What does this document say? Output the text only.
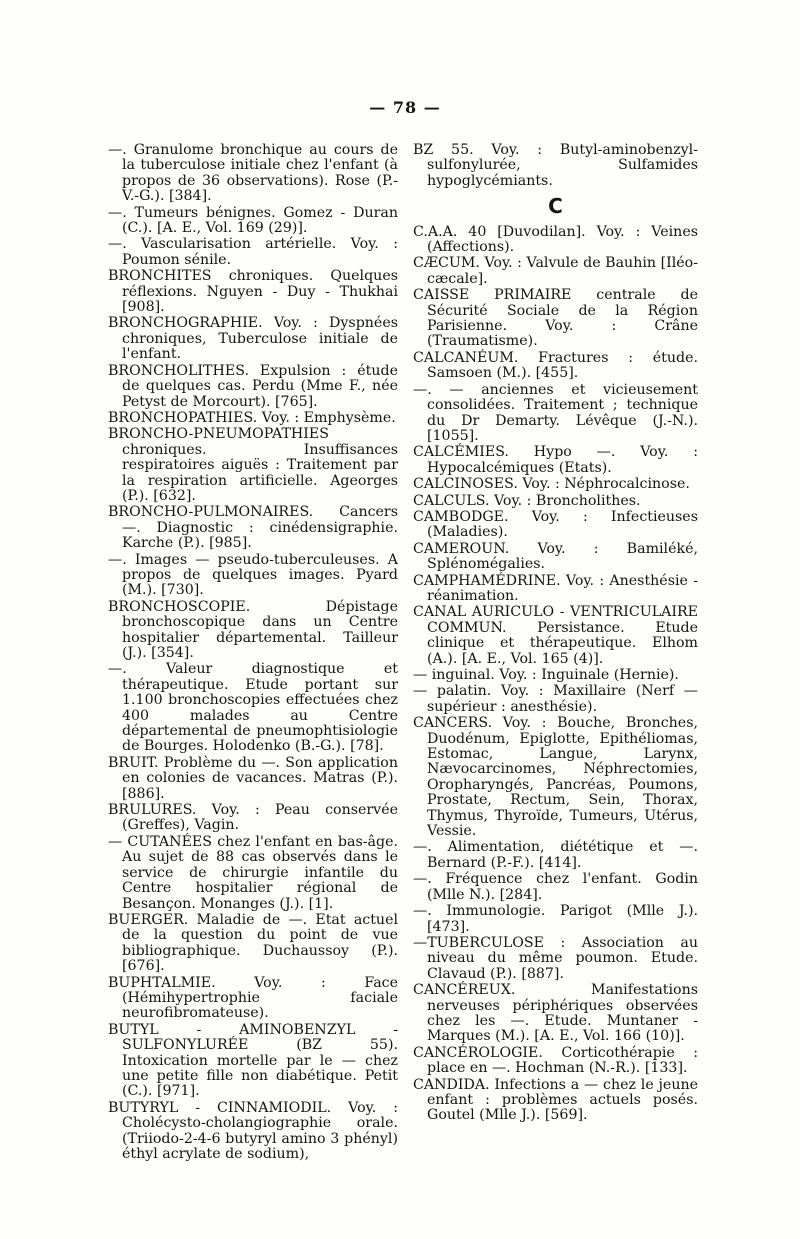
— 78 —

—. Granulome bronchique au cours de la tuberculose initiale chez l'enfant (à propos de 36 observations). Rose (P.-V.-G.). [384].

—. Tumeurs bénignes. Gomez - Duran (C.). [A. E., Vol. 169 (29)].

—. Vascularisation artérielle. Voy. : Poumon sénile.

BRONCHITES chroniques. Quelques réflexions. Nguyen - Duy - Thukhai [908].

BRONCHOGRAPHIE. Voy. : Dyspnées chroniques, Tuberculose initiale de l'enfant.

BRONCHOLITHES. Expulsion : étude de quelques cas. Perdu (Mme F., née Petyst de Morcourt). [765].

BRONCHOPATHIES. Voy. : Emphysème.

BRONCHO-PNEUMOPATHIES chroniques. Insuffisances respiratoires aiguës : Traitement par la respiration artificielle. Ageorges (P.). [632].

BRONCHO-PULMONAIRES. Cancers —. Diagnostic : cinédensigraphie. Karche (P.). [985].

—. Images — pseudo-tuberculeuses. A propos de quelques images. Pyard (M.). [730].

BRONCHOSCOPIE. Dépistage bronchoscopique dans un Centre hospitalier départemental. Tailleur (J.). [354].

—. Valeur diagnostique et thérapeutique. Etude portant sur 1.100 bronchoscopies effectuées chez 400 malades au Centre départemental de pneumophtisiologie de Bourges. Holodenko (B.-G.). [78].

BRUIT. Problème du —. Son application en colonies de vacances. Matras (P.). [886].

BRULURES. Voy. : Peau conservée (Greffes), Vagin.

— CUTANÉES chez l'enfant en bas-âge. Au sujet de 88 cas observés dans le service de chirurgie infantile du Centre hospitalier régional de Besançon. Monanges (J.). [1].

BUERGER. Maladie de —. Etat actuel de la question du point de vue bibliographique. Duchaussoy (P.). [676].

BUPHTALMIE. Voy. : Face (Hémihypertrophie faciale neurofibromateuse).

BUTYL - AMINOBENZYL - SULFONYLURÉE (BZ 55). Intoxication mortelle par le — chez une petite fille non diabétique. Petit (C.). [971].

BUTYRYL - CINNAMIODIL. Voy. : Cholécysto-cholangiographie orale. (Triiodo-2-4-6 butyryl amino 3 phényl) éthyl acrylate de sodium),

BZ 55. Voy. : Butyl-aminobenzyl-sulfonylurée, Sulfamides hypoglycémiants.

C

C.A.A. 40 [Duvodilan]. Voy. : Veines (Affections).

CÆCUM. Voy. : Valvule de Bauhin [Iléo-cæcale].

CAISSE PRIMAIRE centrale de Sécurité Sociale de la Région Parisienne. Voy. : Crâne (Traumatisme).

CALCANÉUM. Fractures : étude. Samsoen (M.). [455].

—. — anciennes et vicieusement consolidées. Traitement ; technique du Dr Demarty. Lévêque (J.-N.). [1055].

CALCÉMIES. Hypo —. Voy. : Hypocalcémiques (Etats).

CALCINOSES. Voy. : Néphrocalcinose.

CALCULS. Voy. : Broncholithes.

CAMBODGE. Voy. : Infectieuses (Maladies).

CAMEROUN. Voy. : Bamiléké, Splénomégalies.

CAMPHAMÉDRINE. Voy. : Anesthésie - réanimation.

CANAL AURICULO - VENTRICULAIRE COMMUN. Persistance. Etude clinique et thérapeutique. Elhom (A.). [A. E., Vol. 165 (4)].

— inguinal. Voy. : Inguinale (Hernie).

— palatin. Voy. : Maxillaire (Nerf — supérieur : anesthésie).

CANCERS. Voy. : Bouche, Bronches, Duodénum, Epiglotte, Epithéliomas, Estomac, Langue, Larynx, Nævocarcinomes, Néphrectomies, Oropharyngés, Pancréas, Poumons, Prostate, Rectum, Sein, Thorax, Thymus, Thyroïde, Tumeurs, Utérus, Vessie.

—. Alimentation, diététique et —. Bernard (P.-F.). [414].

—. Fréquence chez l'enfant. Godin (Mlle N.). [284].

—. Immunologie. Parigot (Mlle J.). [473].

—TUBERCULOSE : Association au niveau du même poumon. Etude. Clavaud (P.). [887].

CANCÉREUX. Manifestations nerveuses périphériques observées chez les —. Etude. Muntaner - Marques (M.). [A. E., Vol. 166 (10)].

CANCÉROLOGIE. Corticothérapie : place en —. Hochman (N.-R.). [133].

CANDIDA. Infections a — chez le jeune enfant : problèmes actuels posés. Goutel (Mlle J.). [569].
